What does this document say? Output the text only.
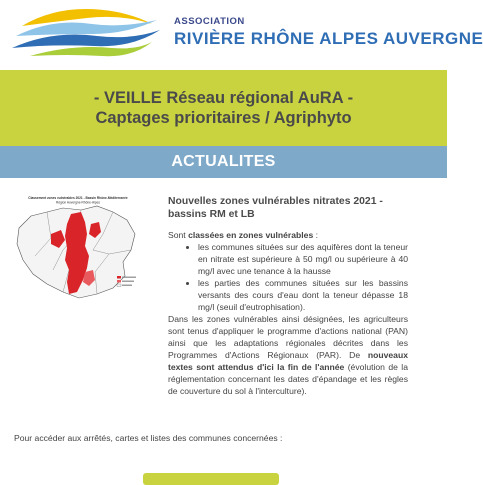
ASSOCIATION
RIVIÈRE RHÔNE ALPES AUVERGNE
- VEILLE Réseau régional AuRA -
Captages prioritaires / Agriphyto
ACTUALITES
Classement zones vulnérables 2021 - Bassin Rhône-Méditerranée
Région Auvergne-Rhône-Alpes	Nouvelles zones vulnérables nitrates 2021 - bassins RM et LB

Sont classées en zones vulnérables :

• les communes situées sur des aquifères dont la teneur en nitrate est supérieure à 50 mg/l ou supérieure à 40 mg/l avec une tenance à la hausse
• les parties des communes situées sur les bassins versants des cours d'eau dont la teneur dépasse 18 mg/l (seuil d'eutrophisation).

Dans les zones vulnérables ainsi désignées, les agriculteurs sont tenus d'appliquer le programme d'actions national (PAN) ainsi que les adaptations régionales décrites dans les Programmes d'Actions Régionaux (PAR). De nouveaux textes sont attendus d'ici la fin de l'année (évolution de la réglementation concernant les dates d'épandage et les règles de couverture du sol à l'interculture).

Pour accéder aux arrêtés, cartes et listes des communes concernées :
